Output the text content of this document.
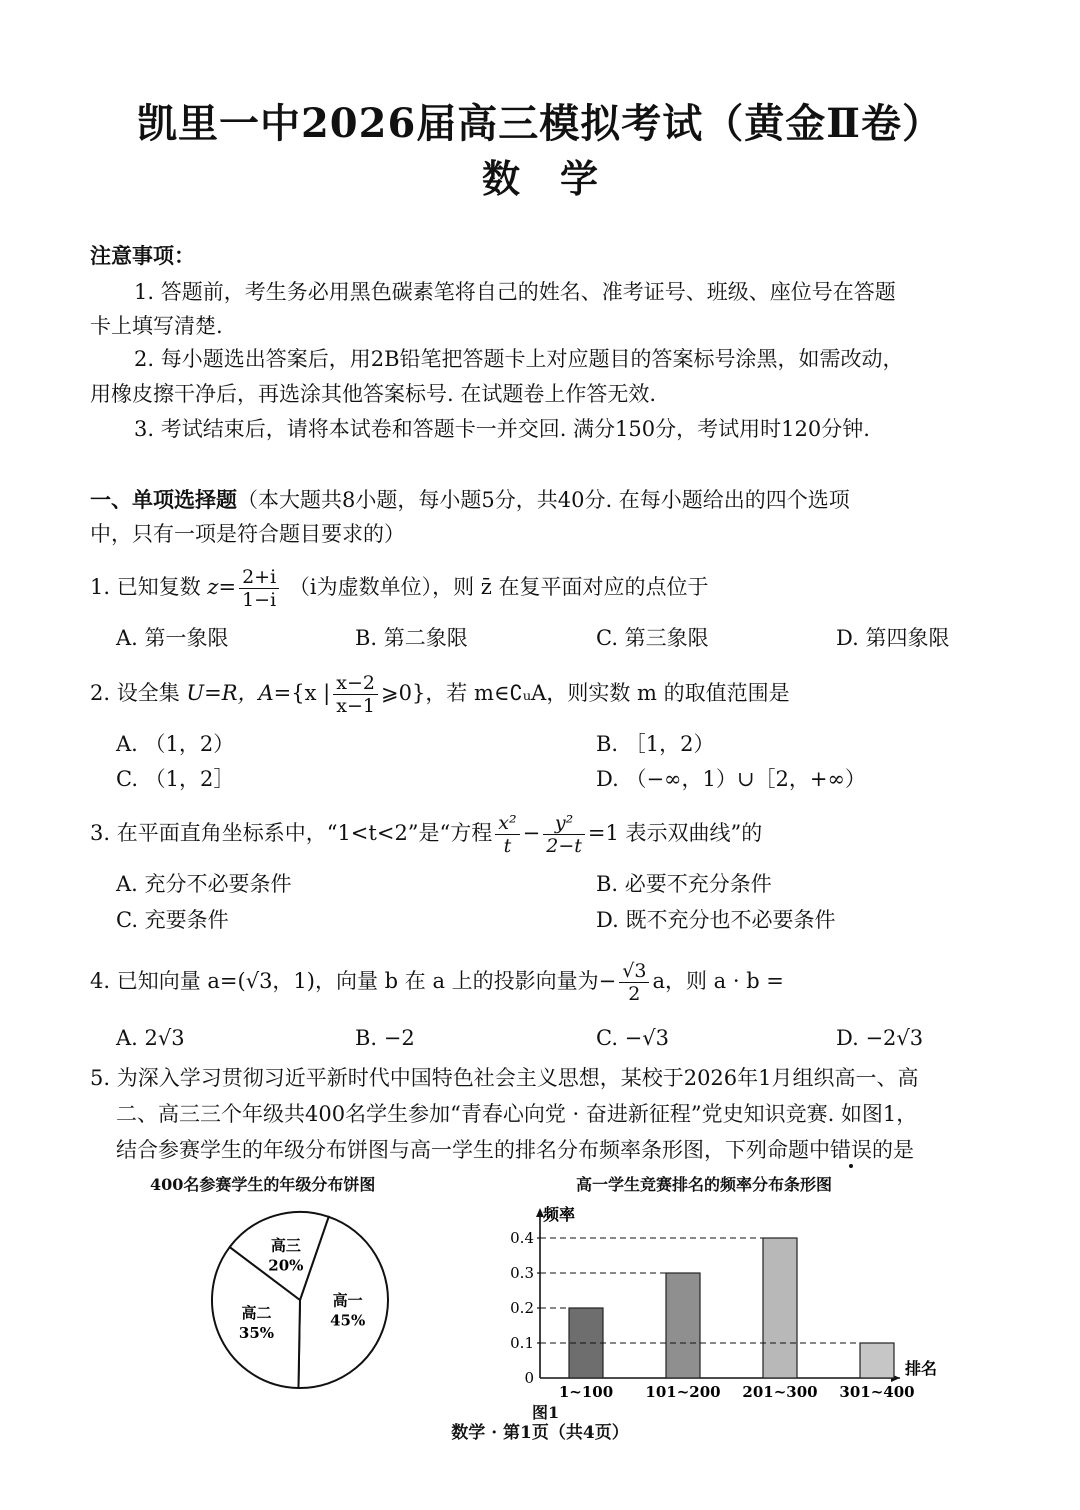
凯里一中2026届高三模拟考试（黄金Ⅱ卷）
数学
注意事项：
1. 答题前，考生务必用黑色碳素笔将自己的姓名、准考证号、班级、座位号在答题
卡上填写清楚.
2. 每小题选出答案后，用2B铅笔把答题卡上对应题目的答案标号涂黑，如需改动，
用橡皮擦干净后，再选涂其他答案标号. 在试题卷上作答无效.
3. 考试结束后，请将本试卷和答题卡一并交回. 满分150分，考试用时120分钟.
一、单项选择题（本大题共8小题，每小题5分，共40分. 在每小题给出的四个选项
中，只有一项是符合题目要求的）
1. 已知复数 $z= \frac{2+i}{1-i} (i$为虚数单位），则 z̄ 在复平面对应的点位于
A. 第一象限	B. 第二象限	C. 第三象限	D. 第四象限
2. 设全集 U=R，A={x | $\frac{x-2}{x-1}$ ⩾0}，若 m∈∁ᵤA，则实数 m 的取值范围是
A. （1，2）	B. ［1，2）
C. （1，2］	D. （−∞，1）∪［2，+∞）
3. 在平面直角坐标系中，“1<t<2”是“方程 $\frac{\text{x²}}{t} - \frac{\text{y²}}{2-t} =1$ 表示双曲线”的
A. 充分不必要条件	B. 必要不充分条件
C. 充要条件	D. 既不充分也不必要条件
4. 已知向量 a=(√3，1)，向量 b 在 a 上的投影向量为− $\frac{√3}{2}$ a，则 a · b =
A. 2√3	B. −2	C. −√3	D. −2√3
5. 为深入学习贯彻习近平新时代中国特色社会主义思想，某校于2026年1月组织高一、高
二、高三三个年级共400名学生参加“青春心向党 · 奋进新征程”党史知识竞赛. 如图1，
结合参赛学生的年级分布饼图与高一学生的排名分布频率条形图，下列命题中错误的是
400名参赛学生的年级分布饼图	高一学生竞赛排名的频率分布条形图
高一
45%
高二
35%
高三
20%
频率
排名
0
0.1
0.2
0.3
0.4
1~100 101~200 201~300 301~400
图1
数学 · 第1页（共4页）
